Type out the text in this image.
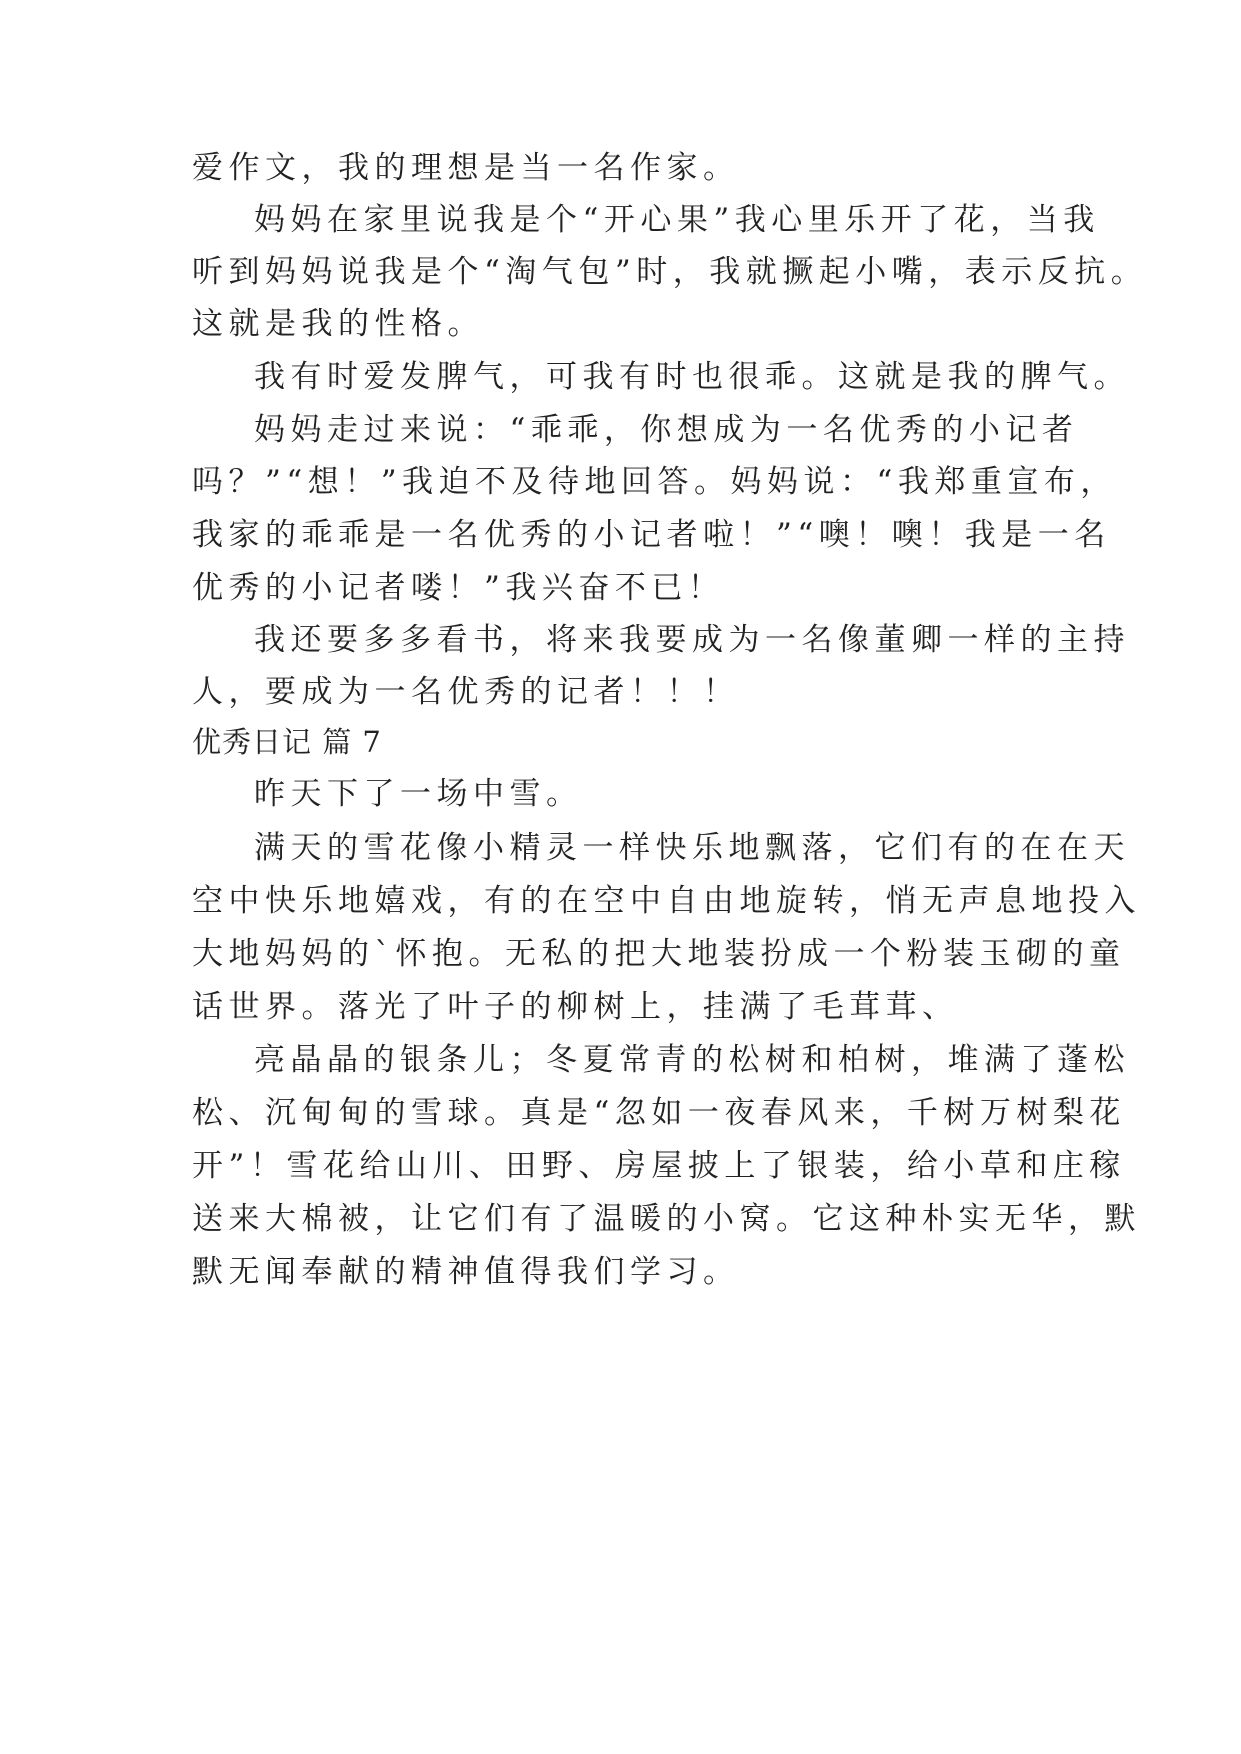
爱作文，我的理想是当一名作家。
妈妈在家里说我是个“开心果”我心里乐开了花，当我
听到妈妈说我是个“淘气包”时，我就撅起小嘴，表示反抗。
这就是我的性格。
我有时爱发脾气，可我有时也很乖。这就是我的脾气。
妈妈走过来说：“乖乖，你想成为一名优秀的小记者
吗？”“想！”我迫不及待地回答。妈妈说：“我郑重宣布，
我家的乖乖是一名优秀的小记者啦！”“噢！噢！我是一名
优秀的小记者喽！”我兴奋不已！
我还要多多看书，将来我要成为一名像董卿一样的主持
人，要成为一名优秀的记者！！！
优秀日记 篇 7
昨天下了一场中雪。
满天的雪花像小精灵一样快乐地飘落，它们有的在在天
空中快乐地嬉戏，有的在空中自由地旋转，悄无声息地投入
大地妈妈的`怀抱。无私的把大地装扮成一个粉装玉砌的童
话世界。落光了叶子的柳树上，挂满了毛茸茸、
亮晶晶的银条儿；冬夏常青的松树和柏树，堆满了蓬松
松、沉甸甸的雪球。真是“忽如一夜春风来，千树万树梨花
开”！雪花给山川、田野、房屋披上了银装，给小草和庄稼
送来大棉被，让它们有了温暖的小窝。它这种朴实无华，默
默无闻奉献的精神值得我们学习。
